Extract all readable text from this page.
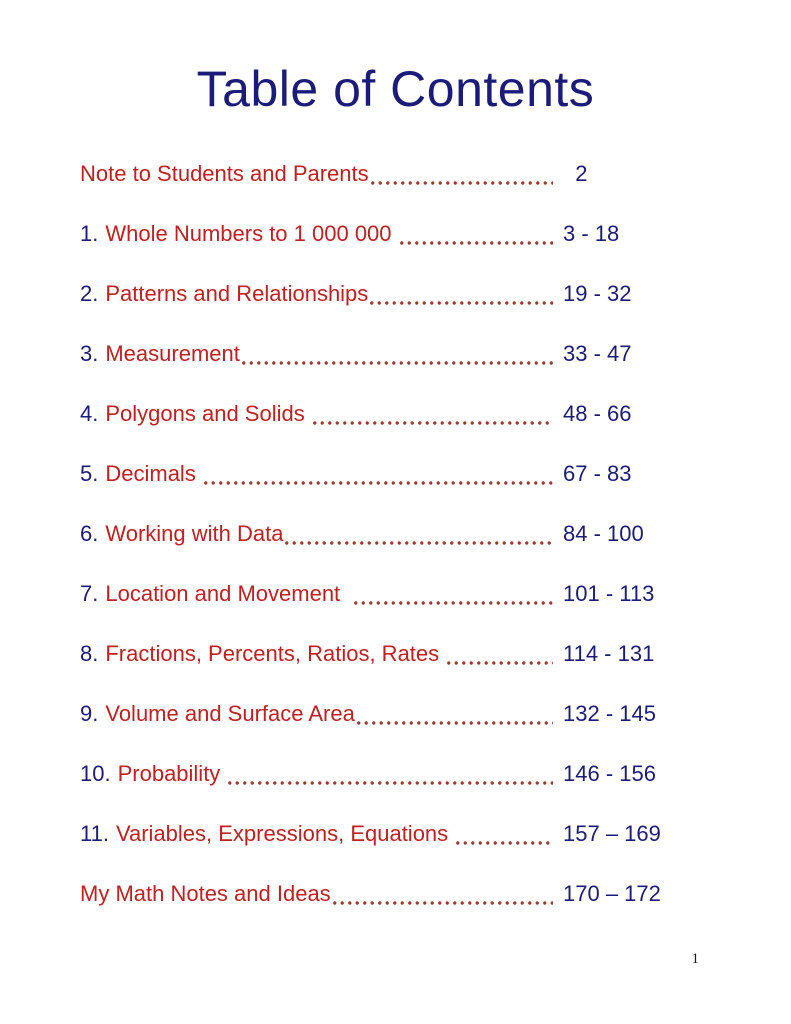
Table of Contents
Note to Students and Parents	2
1. Whole Numbers to 1 000 000	3 - 18
2. Patterns and Relationships	19 - 32
3. Measurement	33 - 47
4. Polygons and Solids	48 - 66
5. Decimals	67 - 83
6. Working with Data	84 - 100
7. Location and Movement	101 - 113
8. Fractions, Percents, Ratios, Rates	114 - 131
9. Volume and Surface Area	132 - 145
10. Probability	146 - 156
11. Variables, Expressions, Equations	157 – 169
My Math Notes and Ideas	170 – 172
1
